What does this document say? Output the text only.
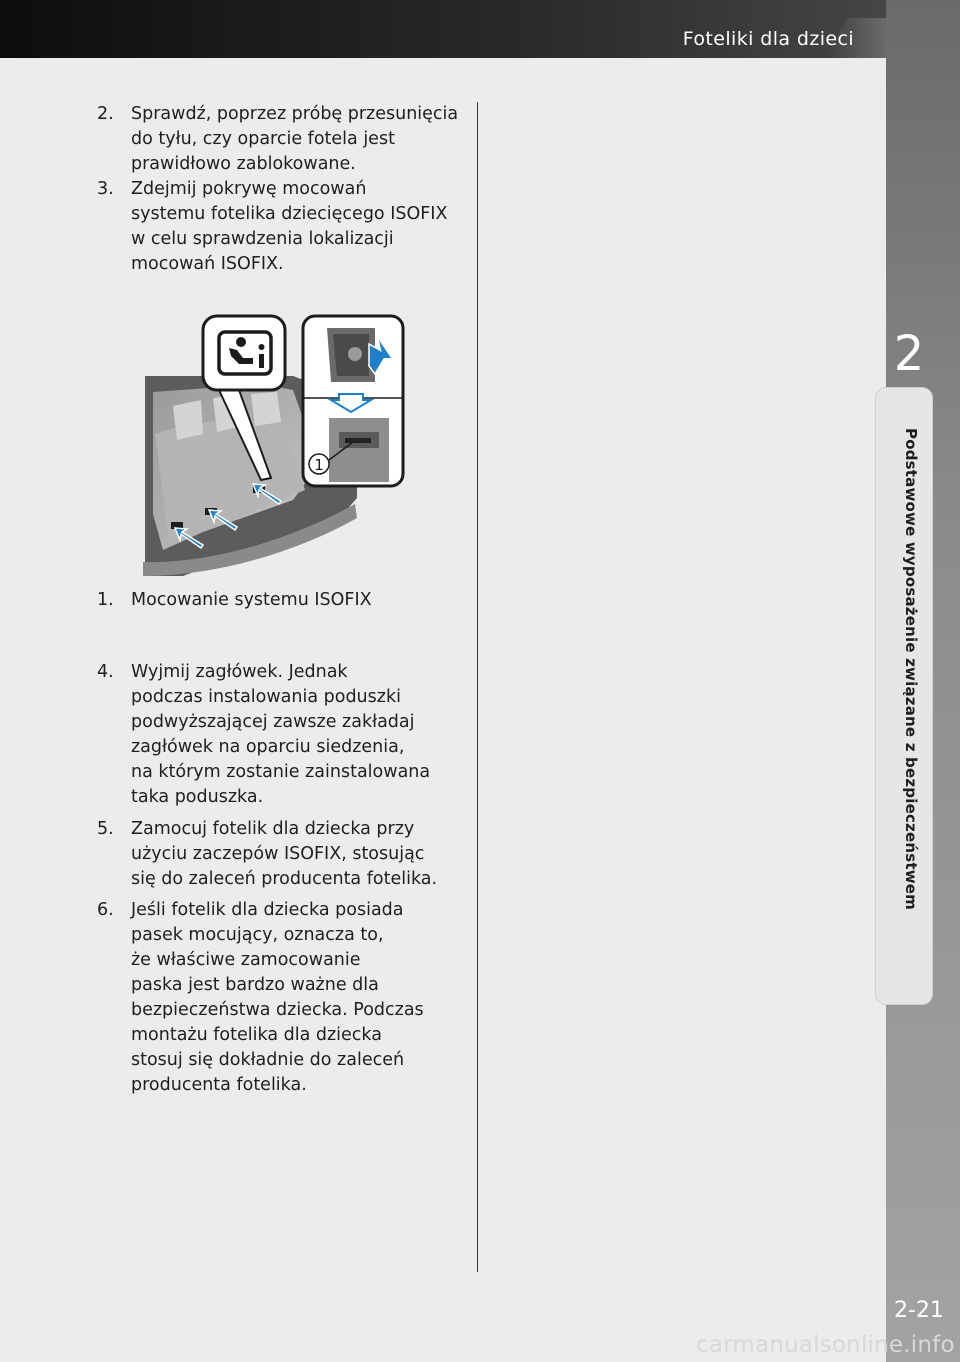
Foteliki dla dzieci
2
Podstawowe wyposażenie związane z bezpieczeństwem
2-21
carmanualsonline.info
2. Sprawdź, poprzez próbę przesunięcia
do tyłu, czy oparcie fotela jest
prawidłowo zablokowane.
3. Zdejmij pokrywę mocowań
systemu fotelika dziecięcego ISOFIX
w celu sprawdzenia lokalizacji
mocowań ISOFIX.
1
1. Mocowanie systemu ISOFIX
4. Wyjmij zagłówek. Jednak
podczas instalowania poduszki
podwyższającej zawsze zakładaj
zagłówek na oparciu siedzenia,
na którym zostanie zainstalowana
taka poduszka.
5. Zamocuj fotelik dla dziecka przy
użyciu zaczepów ISOFIX, stosując
się do zaleceń producenta fotelika.
6. Jeśli fotelik dla dziecka posiada
pasek mocujący, oznacza to,
że właściwe zamocowanie
paska jest bardzo ważne dla
bezpieczeństwa dziecka. Podczas
montażu fotelika dla dziecka
stosuj się dokładnie do zaleceń
producenta fotelika.
